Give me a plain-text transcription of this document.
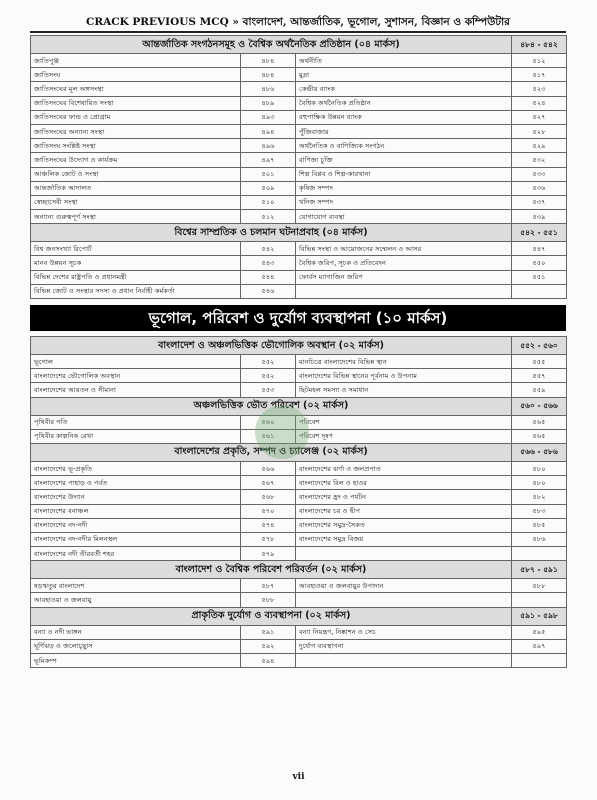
CRACK PREVIOUS MCQ » বাংলাদেশ, আন্তর্জাতিক, ভূগোল, সুশাসন, বিজ্ঞান ও কম্পিউটার
আন্তর্জাতিক সংগঠনসমূহ ও বৈশ্বিক অর্থনৈতিক প্রতিষ্ঠান (০৪ মার্কস)			৪৮৪ - ৫৪২
জাতিপুঞ্জ	৪৮৪	অর্থনীতি	৫১২
জাতিসংঘ	৪৮৪	মুদ্রা	৫১৭
জাতিসংঘের মূল অঙ্গসংস্থা	৪৮৬	কেন্দ্রীয় ব্যাংক	৫২৩
জাতিসংঘের বিশেষায়িত সংস্থা	৪৮৯	বৈশ্বিক অর্থনৈতিক প্রতিষ্ঠান	৫২৪
জাতিসংঘের ফান্ড ও প্রোগ্রাম	৪৯৩	বহুপাক্ষিক উন্নয়ন ব্যাংক	৫২৭
জাতিসংঘের অন্যান্য সংস্থা	৪৯৪	পুঁজিবাজার	৫২৮
জাতিসংঘ সংশ্লিষ্ট সংস্থা	৪৯৬	অর্থনৈতিক ও বাণিজ্যিক সংগঠন	৫২৯
জাতিসংঘের উদ্যোগ ও কার্যক্রম	৪৯৭	বাণিজ্য চুক্তি	৫৩২
আঞ্চলিক জোট ও সংস্থা	৫০১	শিল্প বিপ্লব ও শিল্প-কারখানা	৫৩৩
আন্তর্জাতিক আদালত	৫০৯	কৃষিজ সম্পদ	৫৩৬
স্বেচ্ছাসেবী সংস্থা	৫১০	খনিজ সম্পদ	৫৩৭
অন্যান্য গুরুত্বপূর্ণ সংস্থা	৫১২	যোগাযোগ ব্যবস্থা	৫৩৯
বিশ্বের সাম্প্রতিক ও চলমান ঘটনাপ্রবাহ (০৪ মার্কস)			৫৪২ - ৫৫১
বিশ্ব জনসংখ্যা রিপোর্ট	৫৪২	বিভিন্ন সংস্থা ও আয়োজনের সম্মেলন ও আসর	৫৪৭
মানব উন্নয়ন সূচক	৫৪৩	বৈশ্বিক জরিপ, সূচক ও প্রতিবেদন	৫৫০
বিভিন্ন দেশের রাষ্ট্রপতি ও প্রধানমন্ত্রী	৫৪৪	ফোর্বস ম্যাগাজিন জরিপ	৫৫১
বিভিন্ন জোট ও সংস্থার সদস্য ও প্রধান নির্বাহী কর্মকর্তা	৫৪৬		
ভূগোল, পরিবেশ ও দুর্যোগ ব্যবস্থাপনা (১০ মার্কস)
বাংলাদেশ ও অঞ্চলভিত্তিক ভৌগোলিক অবস্থান (০২ মার্কস)			৫৫২ - ৫৬০
ভূগোল	৫৫২	মানচিত্রে বাংলাদেশের বিভিন্ন স্থান	৫৫৫
বাংলাদেশের ভৌগোলিক অবস্থান	৫৫২	বাংলাদেশের বিভিন্ন স্থানের পূর্বনাম ও উপনাম	৫৫৭
বাংলাদেশের আয়তন ও সীমানা	৫৫৩	ছিটমহল সমস্যা ও সমাধান	৫৫৯
অঞ্চলভিত্তিক ভৌত পরিবেশ (০২ মার্কস)			৫৬০ - ৫৬৬
পৃথিবীর গতি	৫৬০	পরিবেশ	৫৬৫
পৃথিবীর কাল্পনিক রেখা	৫৬১	পরিবেশ দূষণ	৫৬৫
বাংলাদেশের প্রকৃতি, সম্পদ ও চ্যালেঞ্জ (০২ মার্কস)			৫৬৬ - ৫৮৬
বাংলাদেশের ভূ-প্রকৃতি	৫৬৬	বাংলাদেশের ঝর্ণা ও জলপ্রপাত	৫৮০
বাংলাদেশের পাহাড় ও পর্বত	৫৬৭	বাংলাদেশের বিল ও হাওর	৫৮০
বাংলাদেশের উদ্যান	৫৬৮	বাংলাদেশের হ্রদ ও পর্যটন	৫৮২
বাংলাদেশের বনাঞ্চল	৫৭০	বাংলাদেশের চর ও দ্বীপ	৫৮৩
বাংলাদেশের নদ-নদী	৫৭৪	বাংলাদেশের সমুদ্র-সৈকত	৫৮৫
বাংলাদেশের নদ-নদীর মিলনস্থল	৫৭৮	বাংলাদেশের সমুদ্র বিজয়	৫৮৬
বাংলাদেশের নদী তীরবর্তী শহর	৫৭৯		
বাংলাদেশ ও বৈশ্বিক পরিবেশ পরিবর্তন (০২ মার্কস)			৫৮৭ - ৫৯১
ষড়ঋতুর বাংলাদেশ	৫৮৭	আবহাওয়া ও জলবায়ুর উপাদান	৫৮৮
আবহাওয়া ও জলবায়ু	৫৮৮		
প্রাকৃতিক দুর্যোগ ও ব্যবস্থাপনা (০২ মার্কস)			৫৯১ - ৫৯৮
বন্যা ও নদী ভাঙ্গন	৫৯১	বন্যা নিয়ন্ত্রণ, নিষ্কাশন ও সেচ	৫৯৫
ঘূর্ণিঝড় ও জলোচ্ছ্বাস	৫৯২	দুর্যোগ ব্যবস্থাপনা	৫৯৭
ভূমিকম্প	৫৯৪		
vii
